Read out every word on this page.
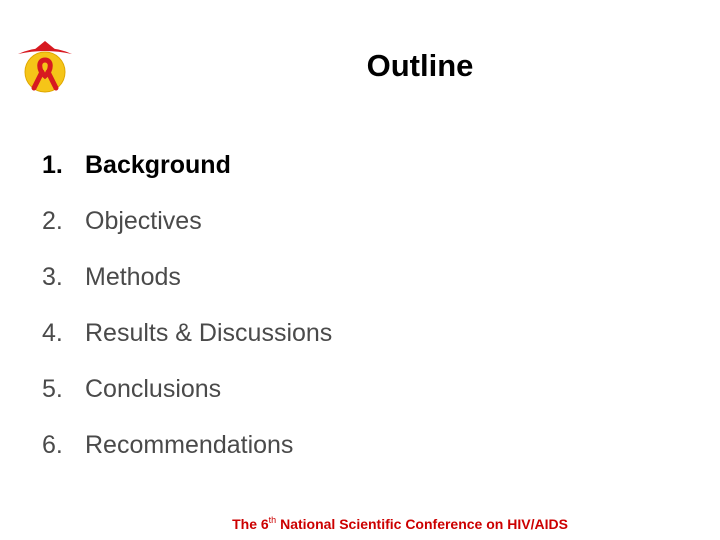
Outline
1. Background
2. Objectives
3. Methods
4. Results & Discussions
5. Conclusions
6. Recommendations
The 6th National Scientific Conference on HIV/AIDS
